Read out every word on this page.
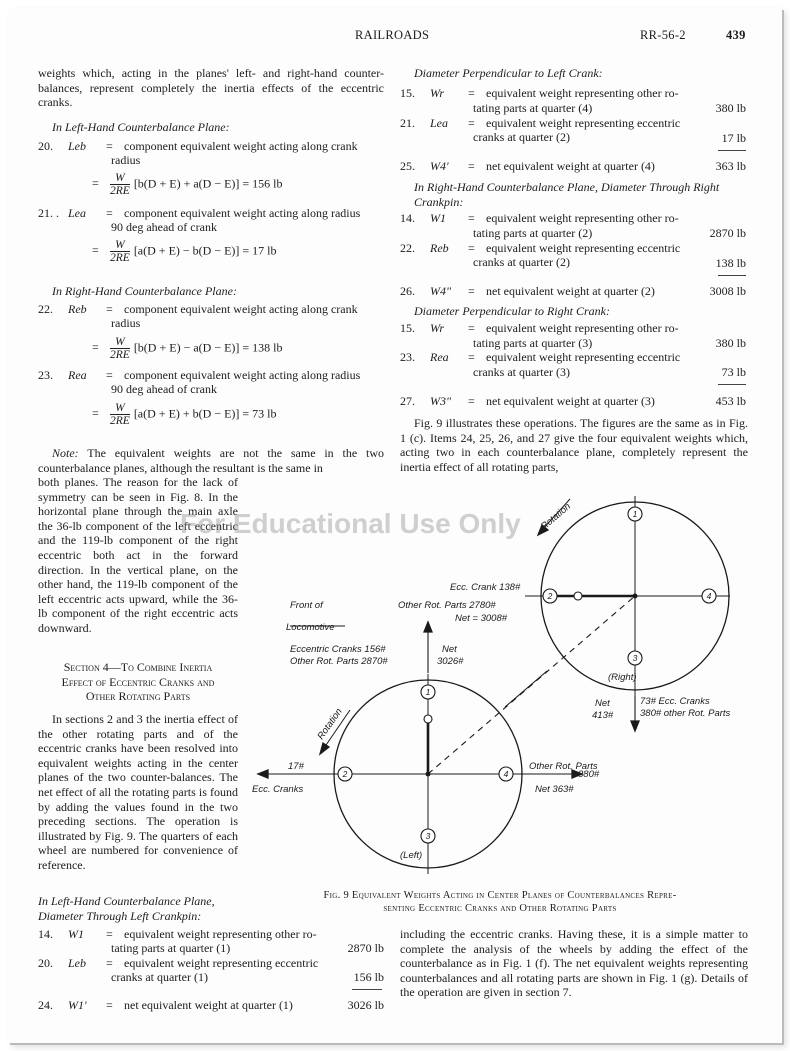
RAILROADS	RR-56-2	439
weights which, acting in the planes' left- and right-hand counter-balances, represent completely the inertia effects of the eccentric cranks.
In Left-Hand Counterbalance Plane:
20. Leb = component equivalent weight acting along crank
radius
= $\frac{W}{2RE} [b(D + E) + a(D - E)] = 156$ lb
21. . Lea = component equivalent weight acting along radius
90 deg ahead of crank
= $\frac{W}{2RE} [a(D + E) - b(D - E)] = 17$ lb
In Right-Hand Counterbalance Plane:
22. Reb = component equivalent weight acting along crank
radius
= $\frac{W}{2RE} [b(D + E) - a(D - E)] = 138$ lb
23. Rea = component equivalent weight acting along radius
90 deg ahead of crank
= $\frac{W}{2RE} [a(D + E) + b(D - E)] = 73$ lb
Note: The equivalent weights are not the same in the two counterbalance planes, although the resultant is the same in
both planes. The reason for the lack of symmetry can be seen in Fig. 8. In the horizontal plane through the main axle the 36-lb component of the left eccentric and the 119-lb component of the right eccentric both act in the forward direction. In the vertical plane, on the other hand, the 119-lb component of the left eccentric acts upward, while the 36-lb component of the right eccentric acts downward.
Section 4—To Combine Inertia
Effect of Eccentric Cranks and
Other Rotating Parts
In sections 2 and 3 the inertia effect of the other rotating parts and of the eccentric cranks have been resolved into equivalent weights acting in the center planes of the two counter-balances. The net effect of all the rotating parts is found by adding the values found in the two preceding sections. The operation is illustrated by Fig. 9. The quarters of each wheel are numbered for convenience of reference.
In Left-Hand Counterbalance Plane,
Diameter Through Left Crankpin:
14. W1 = equivalent weight representing other ro-
tating parts at quarter (1)	2870 lb
20. Leb = equivalent weight representing eccentric
cranks at quarter (1)	156 lb
24. W1' = net equivalent weight at quarter (1)	3026 lb
Diameter Perpendicular to Left Crank:
15. Wr = equivalent weight representing other ro-
tating parts at quarter (4)	380 lb
21. Lea = equivalent weight representing eccentric
cranks at quarter (2)	17 lb
25. W4' = net equivalent weight at quarter (4)	363 lb
In Right-Hand Counterbalance Plane, Diameter Through Right
Crankpin:
14. W1 = equivalent weight representing other ro-
tating parts at quarter (2)	2870 lb
22. Reb = equivalent weight representing eccentric
cranks at quarter (2)	138 lb
26. W4" = net equivalent weight at quarter (2)	3008 lb
Diameter Perpendicular to Right Crank:
15. Wr = equivalent weight representing other ro-
tating parts at quarter (3)	380 lb
23. Rea = equivalent weight representing eccentric
cranks at quarter (3)	73 lb
27. W3" = net equivalent weight at quarter (3)	453 lb
Fig. 9 illustrates these operations. The figures are the same as in Fig. 1 (c). Items 24, 25, 26, and 27 give the four equivalent weights which, acting two in each counterbalance plane, completely represent the inertia effect of all rotating parts,
1
2	4
3
1
2	4
3
Front of
Locomotive
Rotation
Rotation
Ecc. Crank 138#
Other Rot. Parts 2780#
Net = 3008#
Eccentric Cranks 156#
Other Rot. Parts 2870#
Net
3026#
(Right)
(Left)
Net
413#
73# Ecc. Cranks
380# other Rot. Parts
17#
Ecc. Cranks
Other Rot. Parts
380#
Net 363#
Fig. 9 Equivalent Weights Acting in Center Planes of Counterbalances Repre-
senting Eccentric Cranks and Other Rotating Parts
including the eccentric cranks. Having these, it is a simple matter to complete the analysis of the wheels by adding the effect of the counterbalance as in Fig. 1 (f). The net equivalent weights representing counterbalances and all rotating parts are shown in Fig. 1 (g). Details of the operation are given in section 7.
For Educational Use Only
